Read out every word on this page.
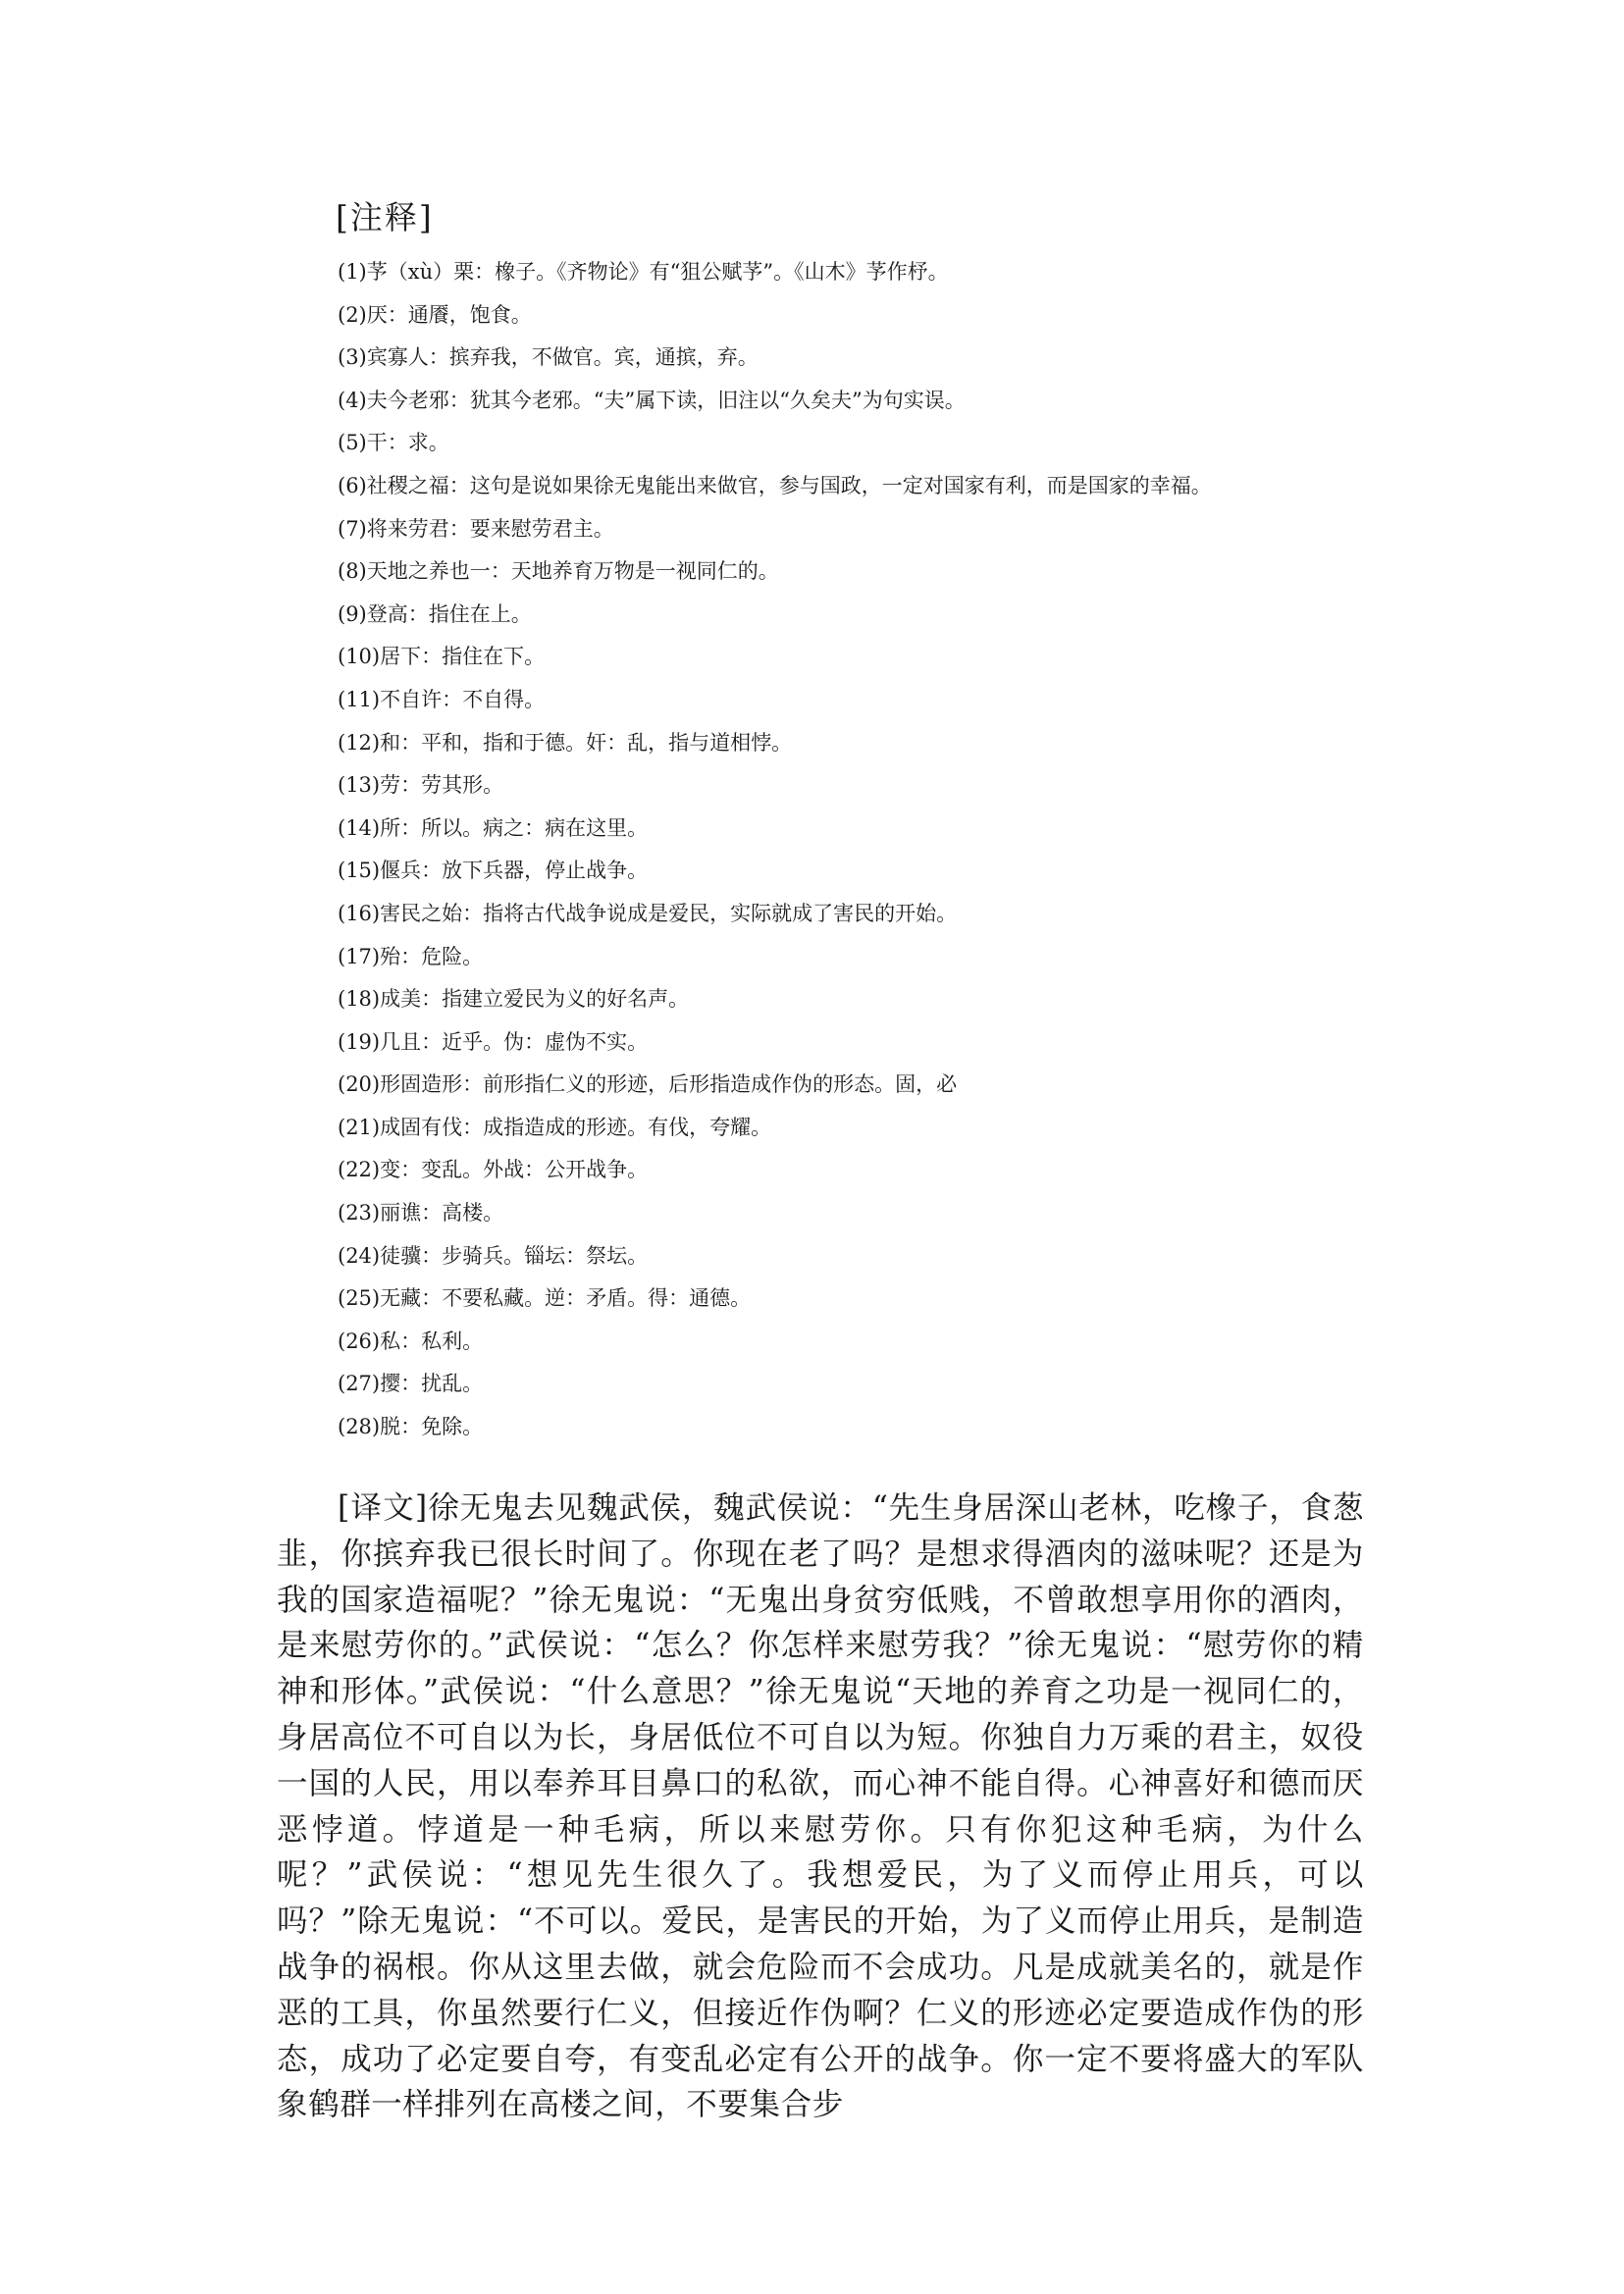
[注释]
(1)芧（xù）栗：橡子。《齐物论》有“狙公赋芧”。《山木》芧作杼。
(2)厌：通餍，饱食。
(3)宾寡人：摈弃我，不做官。宾，通摈，弃。
(4)夫今老邪：犹其今老邪。“夫”属下读，旧注以“久矣夫”为句实误。
(5)干：求。
(6)社稷之福：这句是说如果徐无鬼能出来做官，参与国政，一定对国家有利，而是国家的幸福。
(7)将来劳君：要来慰劳君主。
(8)天地之养也一：天地养育万物是一视同仁的。
(9)登高：指住在上。
(10)居下：指住在下。
(11)不自许：不自得。
(12)和：平和，指和于德。奸：乱，指与道相悖。
(13)劳：劳其形。
(14)所：所以。病之：病在这里。
(15)偃兵：放下兵器，停止战争。
(16)害民之始：指将古代战争说成是爱民，实际就成了害民的开始。
(17)殆：危险。
(18)成美：指建立爱民为义的好名声。
(19)几且：近乎。伪：虚伪不实。
(20)形固造形：前形指仁义的形迹，后形指造成作伪的形态。固，必
(21)成固有伐：成指造成的形迹。有伐，夸耀。
(22)变：变乱。外战：公开战争。
(23)丽谯：高楼。
(24)徒骥：步骑兵。锱坛：祭坛。
(25)无藏：不要私藏。逆：矛盾。得：通德。
(26)私：私利。
(27)撄：扰乱。
(28)脱：免除。

[译文]徐无鬼去见魏武侯，魏武侯说：“先生身居深山老林，吃橡子，食葱韭，你摈弃我已很长时间了。你现在老了吗？是想求得酒肉的滋味呢？还是为我的国家造福呢？”徐无鬼说：“无鬼出身贫穷低贱，不曾敢想享用你的酒肉，是来慰劳你的。”武侯说：“怎么？你怎样来慰劳我？”徐无鬼说：“慰劳你的精神和形体。”武侯说：“什么意思？”徐无鬼说“天地的养育之功是一视同仁的，身居高位不可自以为长，身居低位不可自以为短。你独自力万乘的君主，奴役一国的人民，用以奉养耳目鼻口的私欲，而心神不能自得。心神喜好和德而厌恶悖道。悖道是一种毛病，所以来慰劳你。只有你犯这种毛病，为什么呢？”武侯说：“想见先生很久了。我想爱民，为了义而停止用兵，可以吗？”除无鬼说：“不可以。爱民，是害民的开始，为了义而停止用兵，是制造战争的祸根。你从这里去做，就会危险而不会成功。凡是成就美名的，就是作恶的工具，你虽然要行仁义，但接近作伪啊？仁义的形迹必定要造成作伪的形态，成功了必定要自夸，有变乱必定有公开的战争。你一定不要将盛大的军队象鹤群一样排列在高楼之间，不要集合步
